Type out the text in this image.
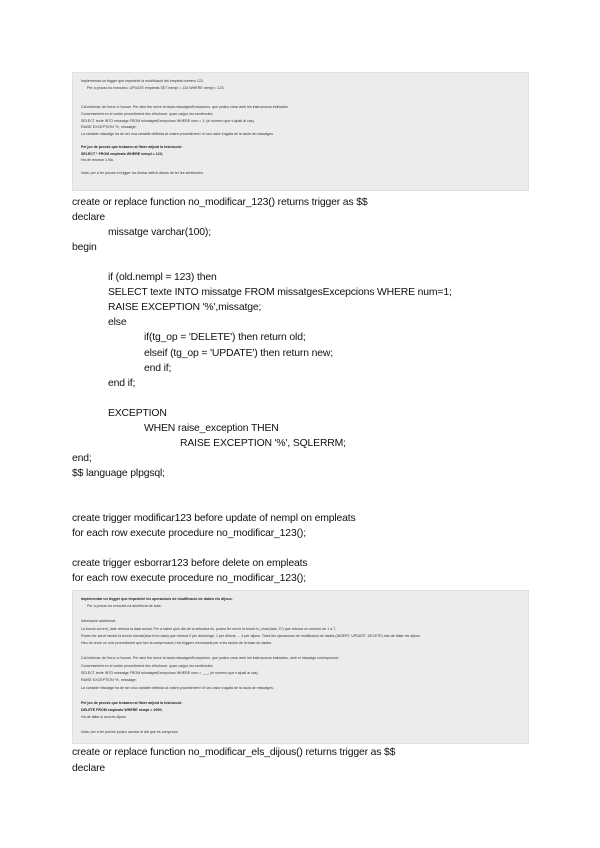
Implementar un trigger que impedeixi la modificació del empleat número 123.
Per a provar-ho executeu: UPDATE empleats SET nempl = 124 WHERE nempl = 123;
Cal informar de l'error a l'usuari. Per això feu servir la taula missatgesExcepcions, que podeu crear amb les instruccions indicades.
Concretament en el vostre procediment heu d'incloure, quan calgui, les sentències:
SELECT texte INTO missatge FROM missatgesExcepcions WHERE num = 1; (el número que s'ajusti al cas)
RAISE EXCEPTION '%', missatge;
La variable missatge ha de ser una variable definida al vostre procediment i el seu valor s'agafa de la taula de missatges.
Pel joc de proves que trobareu al fitxer adjunt la instrucció:
SELECT * FROM empleats WHERE nempl = 123;
Ha de retornar 1 fila.
Nota: per a fer proves el trigger ha d'estar definit abans de fer les sentències.
create or replace function no_modificar_123() returns trigger as $$
declare
missatge varchar(100);
begin
if (old.nempl = 123) then
SELECT texte INTO missatge FROM missatgesExcepcions WHERE num=1;
RAISE EXCEPTION '%',missatge;
else
if(tg_op = 'DELETE') then return old;
elseif (tg_op = 'UPDATE') then return new;
end if;
end if;
EXCEPTION
WHEN raise_exception THEN
RAISE EXCEPTION '%', SQLERRM;
end;
$$ language plpgsql;
create trigger modificar123 before update of nempl on empleats
for each row execute procedure no_modificar_123();
create trigger esborrar123 before delete on empleats
for each row execute procedure no_modificar_123();
Implementar un trigger que impedeixi les operacions de modificació de dades els dijous.
Per a provar-ho executeu la sentència de sota.
Informació addicional:
La funció current_date retorna la data actual. Per a saber quin dia de la setmana és, podeu fer servir la funció to_char(data, 'D') que retorna un número de 1 a 7.
Podeu fer servir també la funció extract(dow from data) que retorna 0 per diumenge, 1 per dilluns, ... 4 per dijous. Totes les operacions de modificació de dades (INSERT, UPDATE, DELETE) han de fallar els dijous.
Heu de crear un únic procediment que faci la comprovació i els triggers necessaris per a les taules de la base de dades.
Cal informar de l'error a l'usuari. Per això feu servir la taula missatgesExcepcions, que podeu crear amb les instruccions indicades, amb el missatge corresponent.
Concretament en el vostre procediment heu d'incloure, quan calgui, les sentències:
SELECT texte INTO missatge FROM missatgesExcepcions WHERE num = ___; (el número que s'ajusti al cas)
RAISE EXCEPTION '%', missatge;
La variable missatge ha de ser una variable definida al vostre procediment i el seu valor s'agafa de la taula de missatges.
Pel joc de proves que trobareu al fitxer adjunt la instrucció:
DELETE FROM empleats WHERE nempl = 1000;
Ha de fallar si avui és dijous.
Nota: per a fer proves podeu canviar el dia que es comprova.
create or replace function no_modificar_els_dijous() returns trigger as $$
declare
